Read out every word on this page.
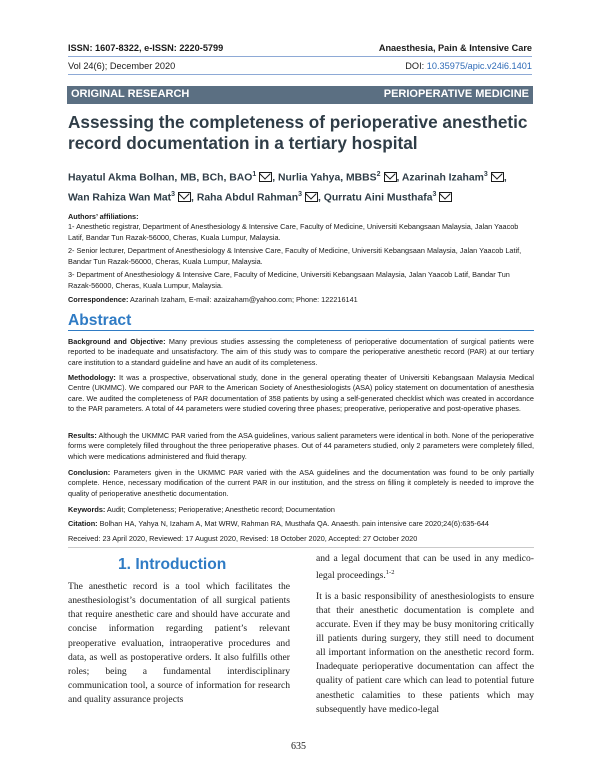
ISSN: 1607-8322, e-ISSN: 2220-5799	Anaesthesia, Pain & Intensive Care
Vol 24(6); December 2020	DOI: 10.35975/apic.v24i6.1401
ORIGINAL RESEARCH	PERIOPERATIVE MEDICINE
Assessing the completeness of perioperative anesthetic record documentation in a tertiary hospital
Hayatul Akma Bolhan, MB, BCh, BAO$^1$ , Nurlia Yahya, MBBS$^2$ , Azarinah Izaham$^3$ ,
Wan Rahiza Wan Mat$^3$ , Raha Abdul Rahman$^3$ , Qurratu Aini Musthafa$^3$
Authors’ affiliations:
Abstract
Background and Objective: Many previous studies assessing the completeness of perioperative documentation of surgical patients were reported to be inadequate and unsatisfactory. The aim of this study was to compare the perioperative anesthetic record (PAR) at our tertiary care institution to a standard guideline and have an audit of its completeness.
Methodology: It was a prospective, observational study, done in the general operating theater of Universiti Kebangsaan Malaysia Medical Centre (UKMMC). We compared our PAR to the American Society of Anesthesiologists (ASA) policy statement on documentation of anesthesia care. We audited the completeness of PAR documentation of 358 patients by using a self-generated checklist which was created in accordance to the PAR parameters. A total of 44 parameters were studied covering three phases; preoperative, perioperative and post-operative phases.
Results: Although the UKMMC PAR varied from the ASA guidelines, various salient parameters were identical in both. None of the perioperative forms were completely filled throughout the three perioperative phases. Out of 44 parameters studied, only 2 parameters were completely filled, which were medications administered and fluid therapy.
Conclusion: Parameters given in the UKMMC PAR varied with the ASA guidelines and the documentation was found to be only partially complete. Hence, necessary modification of the current PAR in our institution, and the stress on filling it completely is needed to improve the quality of perioperative anesthetic documentation.
Keywords: Audit; Completeness; Perioperative; Anesthetic record; Documentation
Citation: Bolhan HA, Yahya N, Izaham A, Mat WRW, Rahman RA, Musthafa QA. Anaesth. pain intensive care 2020;24(6):635-644
Received: 23 April 2020, Reviewed: 17 August 2020, Revised: 18 October 2020, Accepted: 27 October 2020
1. Introduction
The anesthetic record is a tool which facilitates the anesthesiologist’s documentation of all surgical patients that require anesthetic care and should have accurate and concise information regarding patient’s relevant preoperative evaluation, intraoperative procedures and data, as well as postoperative orders. It also fulfills other roles; being a fundamental interdisciplinary communication tool, a source of information for research and quality assurance projects
and a legal document that can be used in any medico-legal proceedings.$^{1-2}$
It is a basic responsibility of anesthesiologists to ensure that their anesthetic documentation is complete and accurate. Even if they may be busy monitoring critically ill patients during surgery, they still need to document all important information on the anesthetic record form. Inadequate perioperative documentation can affect the quality of patient care which can lead to potential future anesthetic calamities to these patients which may subsequently have medico-legal
635
1- Anesthetic registrar, Department of Anesthesiology & Intensive Care, Faculty of Medicine, Universiti Kebangsaan Malaysia, Jalan Yaacob Latif, Bandar Tun Razak-56000, Cheras, Kuala Lumpur, Malaysia.
2- Senior lecturer, Department of Anesthesiology & Intensive Care, Faculty of Medicine, Universiti Kebangsaan Malaysia, Jalan Yaacob Latif, Bandar Tun Razak-56000, Cheras, Kuala Lumpur, Malaysia.
3- Department of Anesthesiology & Intensive Care, Faculty of Medicine, Universiti Kebangsaan Malaysia, Jalan Yaacob Latif, Bandar Tun Razak-56000, Cheras, Kuala Lumpur, Malaysia.
Correspondence: Azarinah Izaham, E-mail: azaizaham@yahoo.com; Phone: 122216141
